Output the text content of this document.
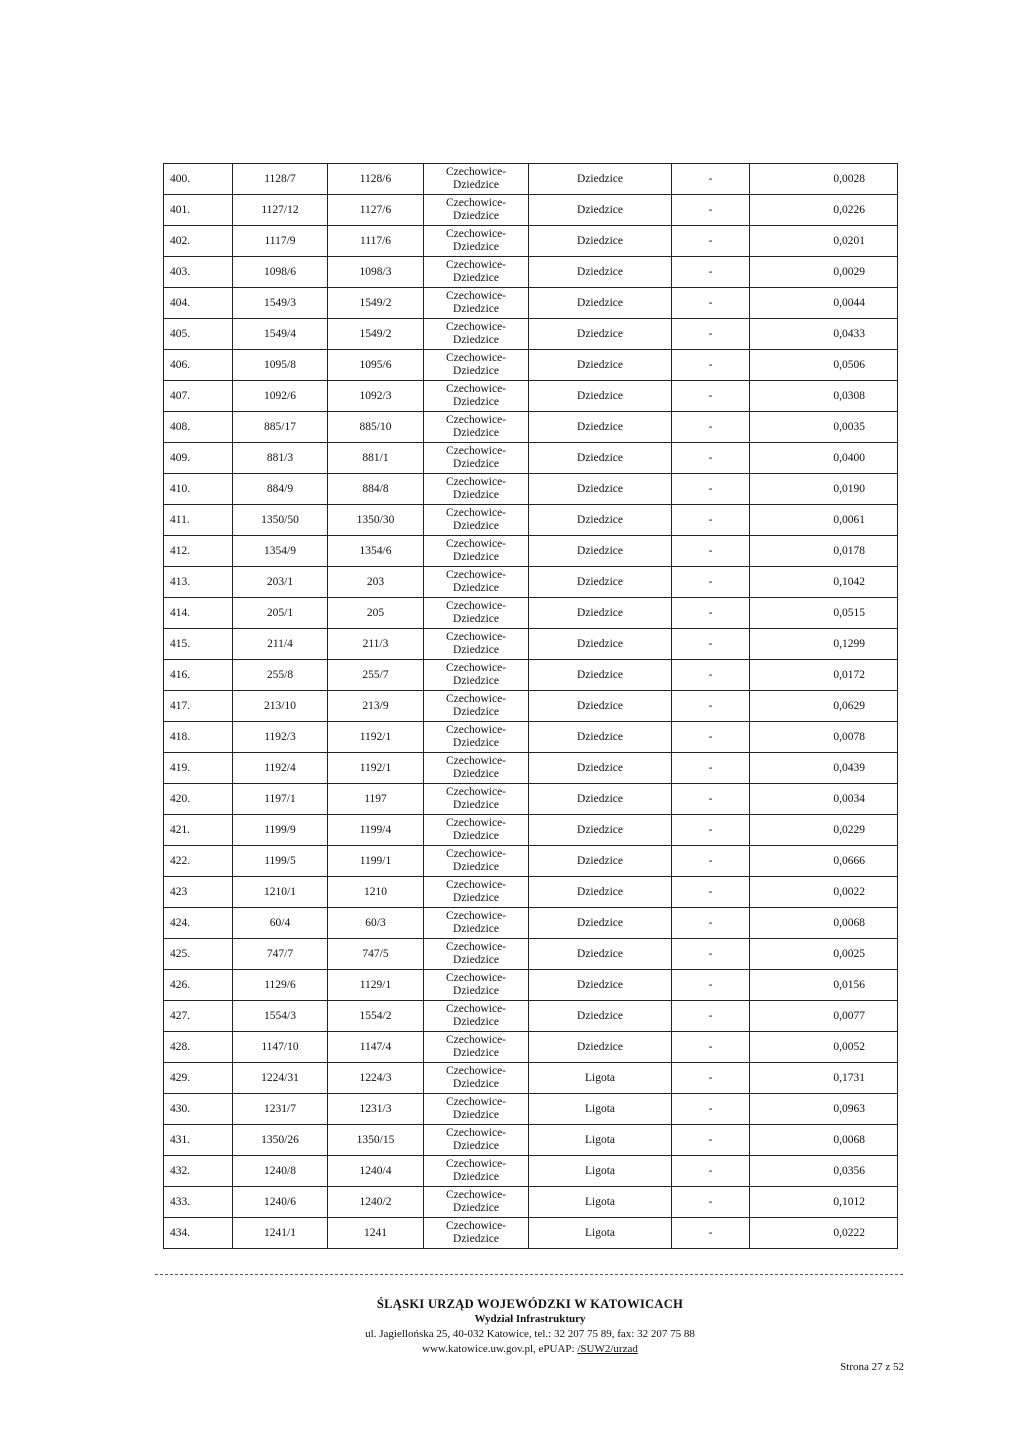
400.	1128/7	1128/6	Czechowice-
Dziedzice	Dziedzice	-	0,0028
401.	1127/12	1127/6	Czechowice-
Dziedzice	Dziedzice	-	0,0226
402.	1117/9	1117/6	Czechowice-
Dziedzice	Dziedzice	-	0,0201
403.	1098/6	1098/3	Czechowice-
Dziedzice	Dziedzice	-	0,0029
404.	1549/3	1549/2	Czechowice-
Dziedzice	Dziedzice	-	0,0044
405.	1549/4	1549/2	Czechowice-
Dziedzice	Dziedzice	-	0,0433
406.	1095/8	1095/6	Czechowice-
Dziedzice	Dziedzice	-	0,0506
407.	1092/6	1092/3	Czechowice-
Dziedzice	Dziedzice	-	0,0308
408.	885/17	885/10	Czechowice-
Dziedzice	Dziedzice	-	0,0035
409.	881/3	881/1	Czechowice-
Dziedzice	Dziedzice	-	0,0400
410.	884/9	884/8	Czechowice-
Dziedzice	Dziedzice	-	0,0190
411.	1350/50	1350/30	Czechowice-
Dziedzice	Dziedzice	-	0,0061
412.	1354/9	1354/6	Czechowice-
Dziedzice	Dziedzice	-	0,0178
413.	203/1	203	Czechowice-
Dziedzice	Dziedzice	-	0,1042
414.	205/1	205	Czechowice-
Dziedzice	Dziedzice	-	0,0515
415.	211/4	211/3	Czechowice-
Dziedzice	Dziedzice	-	0,1299
416.	255/8	255/7	Czechowice-
Dziedzice	Dziedzice	-	0,0172
417.	213/10	213/9	Czechowice-
Dziedzice	Dziedzice	-	0,0629
418.	1192/3	1192/1	Czechowice-
Dziedzice	Dziedzice	-	0,0078
419.	1192/4	1192/1	Czechowice-
Dziedzice	Dziedzice	-	0,0439
420.	1197/1	1197	Czechowice-
Dziedzice	Dziedzice	-	0,0034
421.	1199/9	1199/4	Czechowice-
Dziedzice	Dziedzice	-	0,0229
422.	1199/5	1199/1	Czechowice-
Dziedzice	Dziedzice	-	0,0666
423	1210/1	1210	Czechowice-
Dziedzice	Dziedzice	-	0,0022
424.	60/4	60/3	Czechowice-
Dziedzice	Dziedzice	-	0,0068
425.	747/7	747/5	Czechowice-
Dziedzice	Dziedzice	-	0,0025
426.	1129/6	1129/1	Czechowice-
Dziedzice	Dziedzice	-	0,0156
427.	1554/3	1554/2	Czechowice-
Dziedzice	Dziedzice	-	0,0077
428.	1147/10	1147/4	Czechowice-
Dziedzice	Dziedzice	-	0,0052
429.	1224/31	1224/3	Czechowice-
Dziedzice	Ligota	-	0,1731
430.	1231/7	1231/3	Czechowice-
Dziedzice	Ligota	-	0,0963
431.	1350/26	1350/15	Czechowice-
Dziedzice	Ligota	-	0,0068
432.	1240/8	1240/4	Czechowice-
Dziedzice	Ligota	-	0,0356
433.	1240/6	1240/2	Czechowice-
Dziedzice	Ligota	-	0,1012
434.	1241/1	1241	Czechowice-
Dziedzice	Ligota	-	0,0222
ŚLĄSKI URZĄD WOJEWÓDZKI W KATOWICACH
Wydział Infrastruktury
ul. Jagiellońska 25, 40-032 Katowice, tel.: 32 207 75 89, fax: 32 207 75 88
www.katowice.uw.gov.pl, ePUAP: /SUW2/urzad
Strona 27 z 52
